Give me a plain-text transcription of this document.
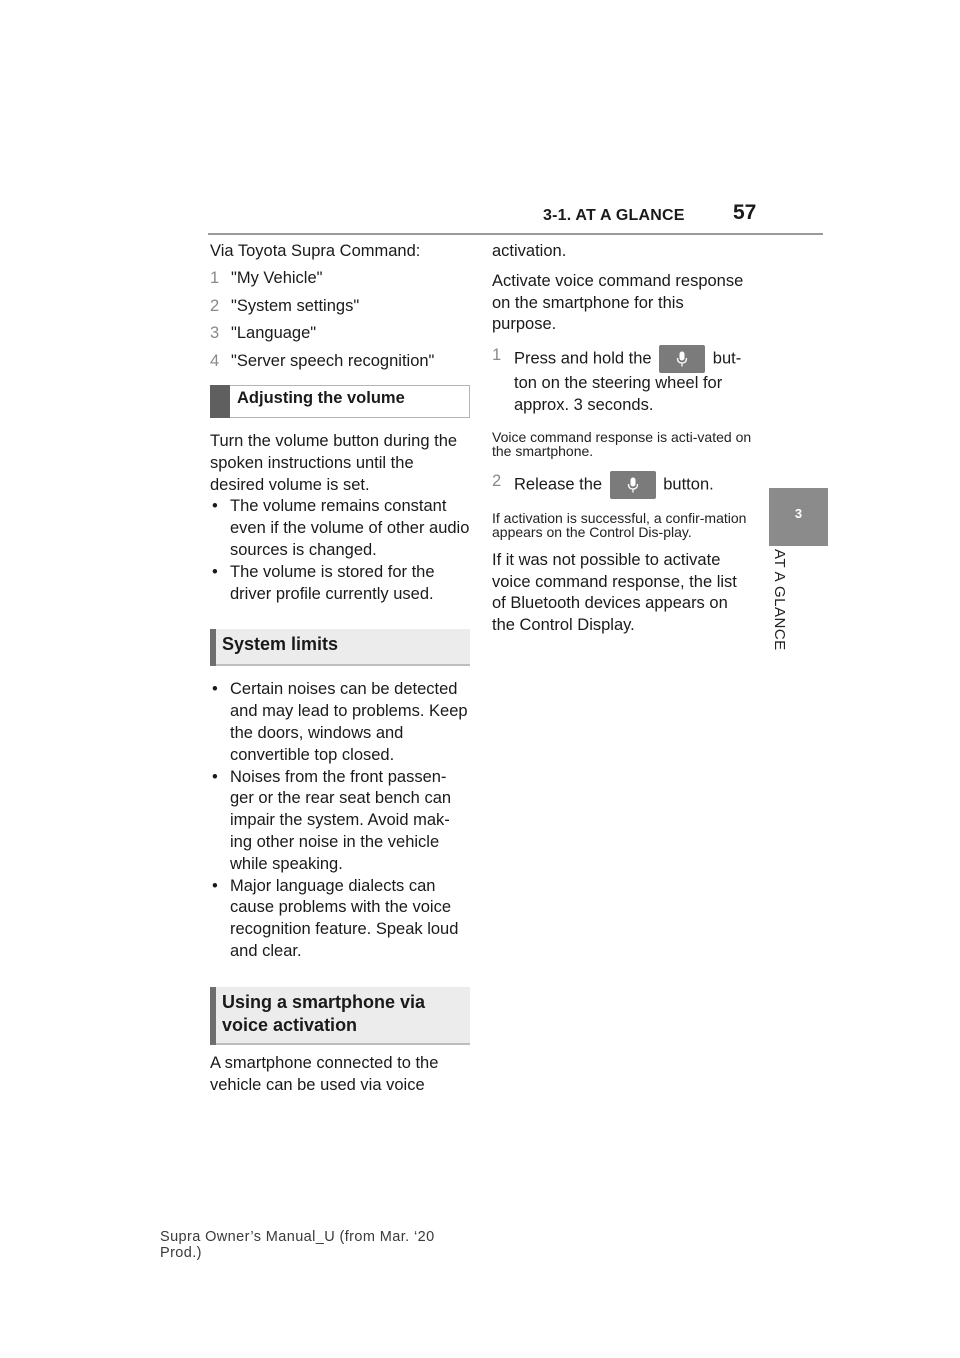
3-1. AT A GLANCE 57
3
AT A GLANCE
Via Toyota Supra Command:
1 "My Vehicle"
2 "System settings"
3 "Language"
4 "Server speech recognition"
Adjusting the volume
Turn the volume button during the spoken instructions until the desired volume is set.
• The volume remains constant even if the volume of other audio sources is changed.
• The volume is stored for the driver profile currently used.
System limits
• Certain noises can be detected and may lead to problems. Keep the doors, windows and convertible top closed.
• Noises from the front passen-ger or the rear seat bench can impair the system. Avoid mak-ing other noise in the vehicle while speaking.
• Major language dialects can cause problems with the voice recognition feature. Speak loud and clear.
Using a smartphone via
voice activation
A smartphone connected to the vehicle can be used via voice
activation.
Activate voice command response on the smartphone for this purpose.
1 Press and hold the	but-
ton on the steering wheel for approx. 3 seconds.
Voice command response is acti-vated on the smartphone.
2 Release the	button.
If activation is successful, a confir-mation appears on the Control Dis-play.
If it was not possible to activate voice command response, the list of Bluetooth devices appears on the Control Display.
Supra Owner’s Manual_U (from Mar. ‘20 Prod.)
